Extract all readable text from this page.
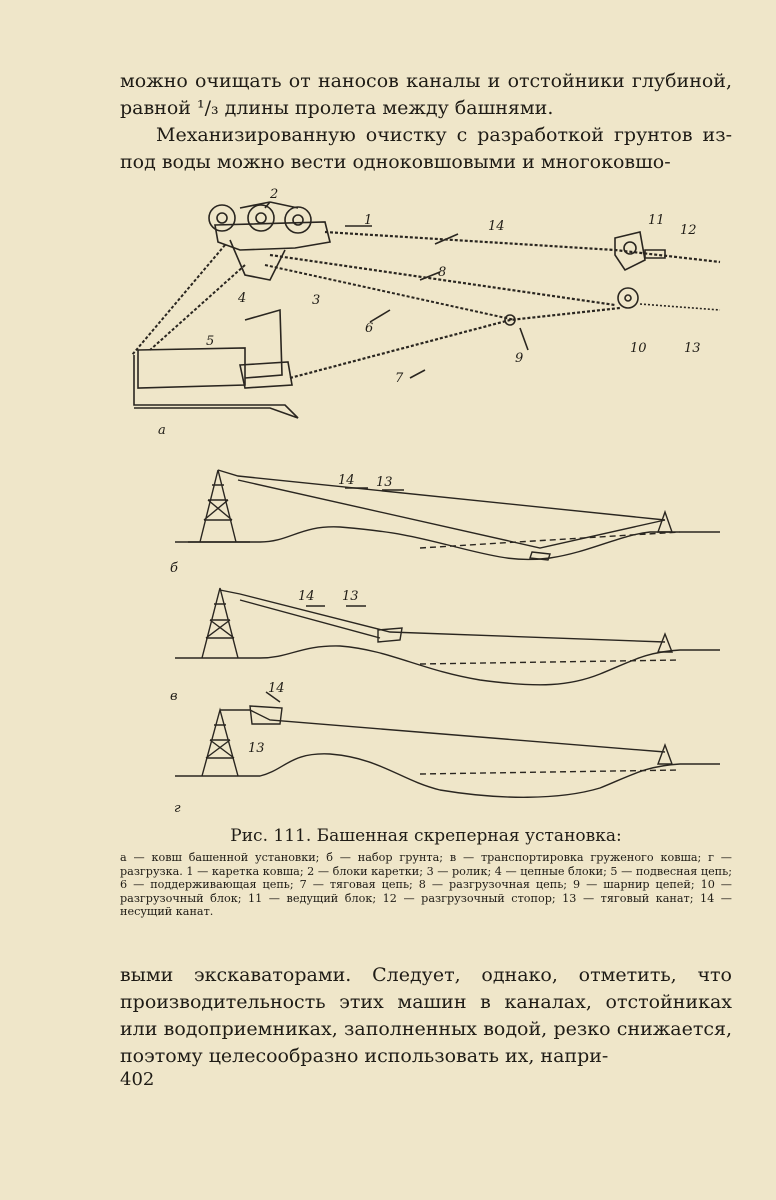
можно очищать от наносов каналы и отстойники глубиной, равной ¹/₃ длины пролета между башнями.

Механизированную очистку с разработкой грунтов из-под воды можно вести одноковшовыми и многоковшо-

2
1	14	11
12
8
4	3
5
6
10	13
9
7
а
14 13
б
14 13
в
14
13
г
Рис. 111. Башенная скреперная установка:
а — ковш башенной установки; б — набор грунта; в — транспортировка груженого ковша; г — разгрузка. 1 — каретка ковша; 2 — блоки каретки; 3 — ролик; 4 — цепные блоки; 5 — подвесная цепь; 6 — поддерживающая цепь; 7 — тяговая цепь; 8 — разгрузочная цепь; 9 — шарнир цепей; 10 — разгрузочный блок; 11 — ведущий блок; 12 — разгрузочный стопор; 13 — тяговый канат; 14 — несущий канат.

выми экскаваторами. Следует, однако, отметить, что производительность этих машин в каналах, отстойниках или водоприемниках, заполненных водой, резко снижается, поэтому целесообразно использовать их, напри-

402
